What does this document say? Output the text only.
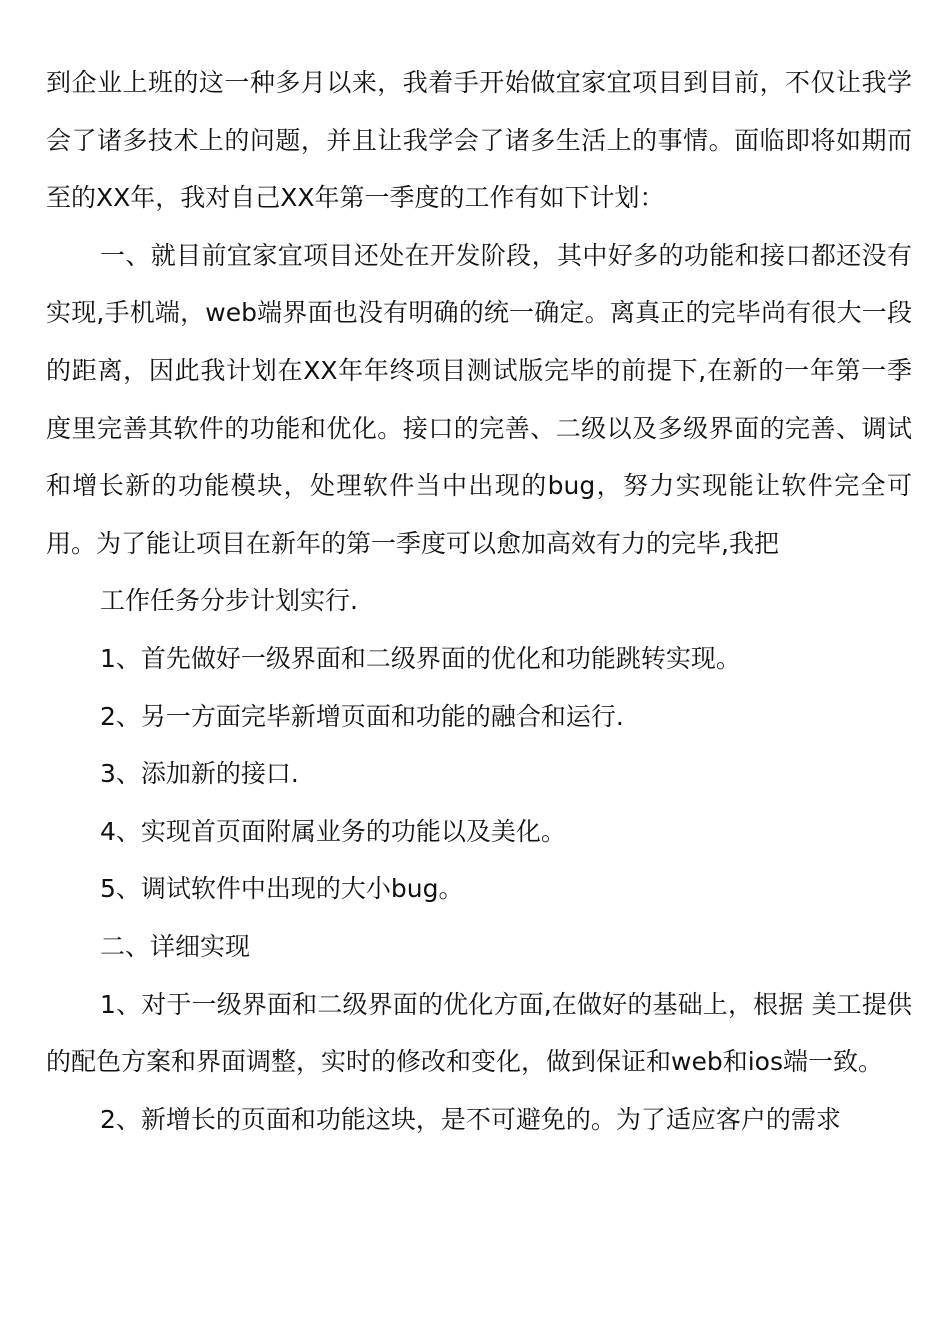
到企业上班的这一种多月以来，我着手开始做宜家宜项目到目前，不仅让我学会了诸多技术上的问题，并且让我学会了诸多生活上的事情。面临即将如期而至的XX年，我对自己XX年第一季度的工作有如下计划：

一、就目前宜家宜项目还处在开发阶段，其中好多的功能和接口都还没有实现,手机端，web端界面也没有明确的统一确定。离真正的完毕尚有很大一段的距离，因此我计划在XX年年终项目测试版完毕的前提下,在新的一年第一季度里完善其软件的功能和优化。接口的完善、二级以及多级界面的完善、调试和增长新的功能模块，处理软件当中出现的bug，努力实现能让软件完全可用。为了能让项目在新年的第一季度可以愈加高效有力的完毕,我把

工作任务分步计划实行.

1、首先做好一级界面和二级界面的优化和功能跳转实现。

2、另一方面完毕新增页面和功能的融合和运行.

3、添加新的接口.

4、实现首页面附属业务的功能以及美化。

5、调试软件中出现的大小bug。

二、详细实现

1、对于一级界面和二级界面的优化方面,在做好的基础上，根据 美工提供的配色方案和界面调整，实时的修改和变化，做到保证和web和ios端一致。

2、新增长的页面和功能这块，是不可避免的。为了适应客户的需求
